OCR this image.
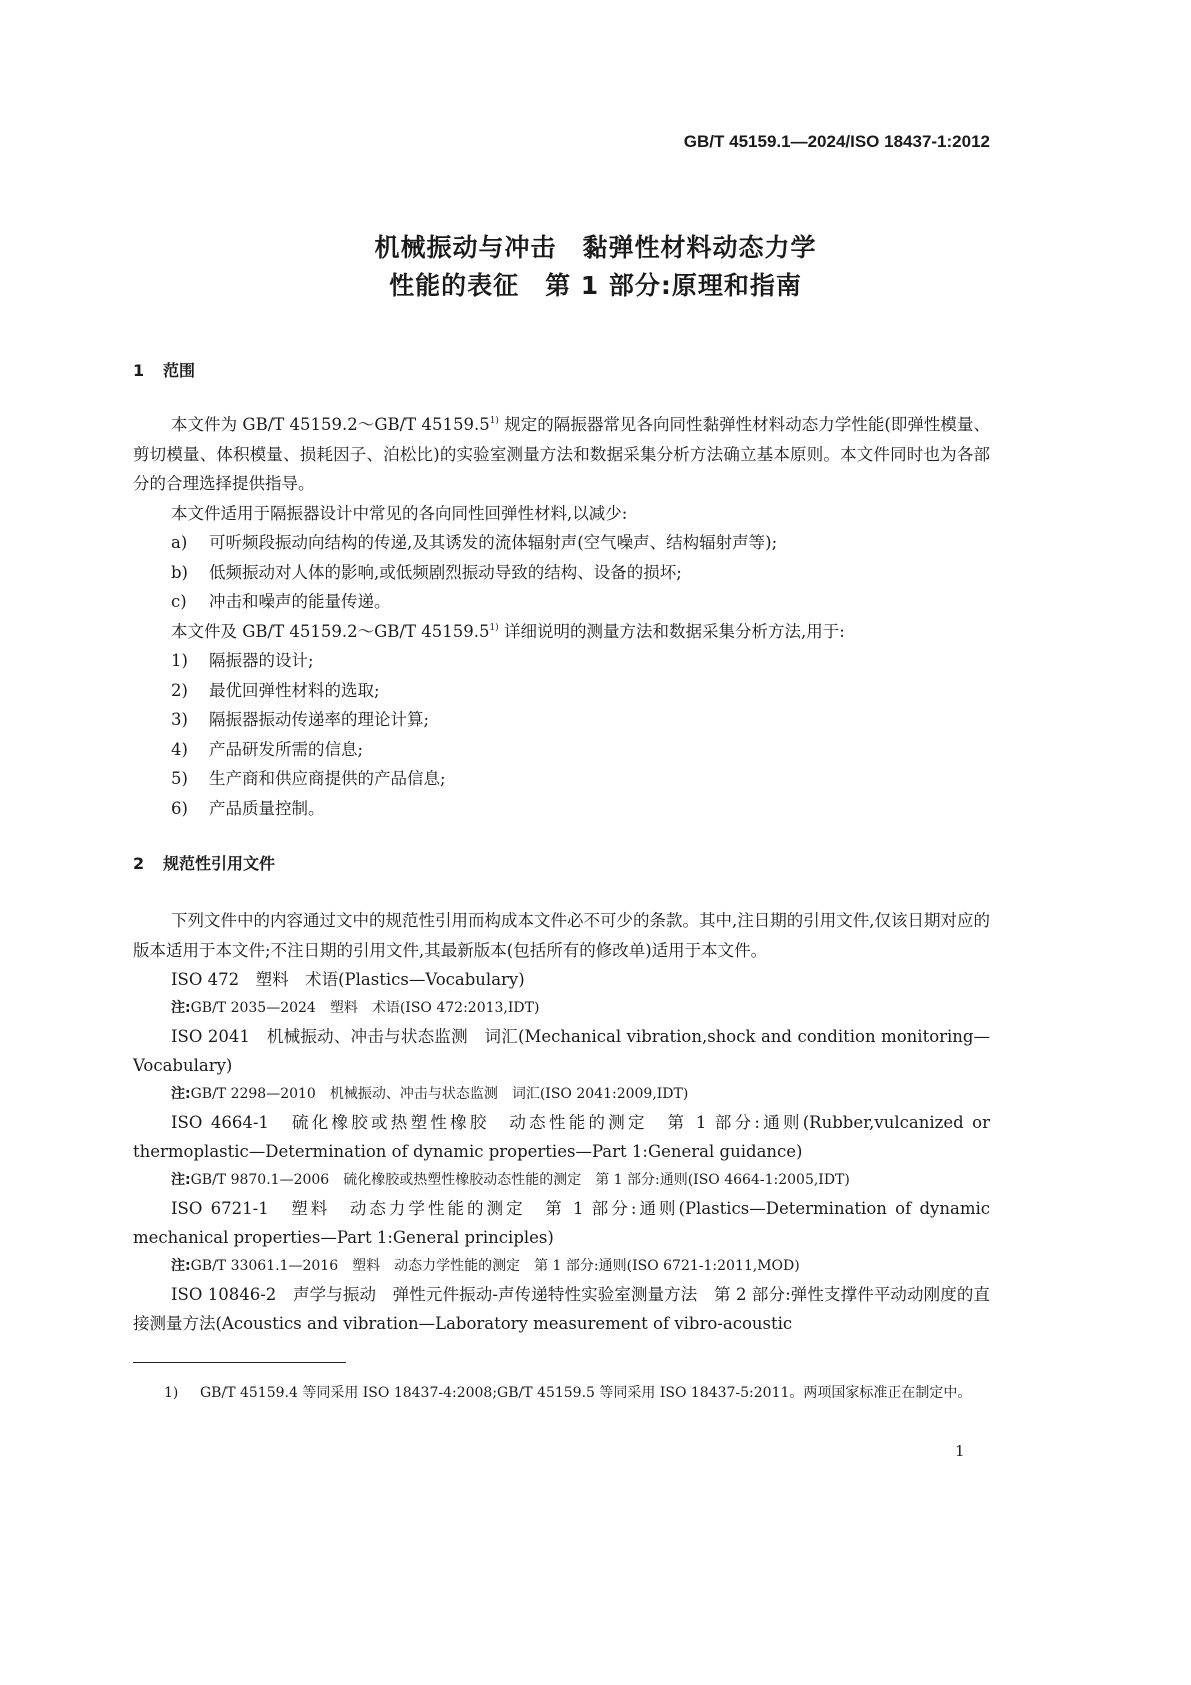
GB/T 45159.1—2024/ISO 18437-1:2012
机械振动与冲击　黏弹性材料动态力学
性能的表征　第 1 部分:原理和指南
1 范围

本文件为 GB/T 45159.2～GB/T 45159.5$^{1)}$ 规定的隔振器常见各向同性黏弹性材料动态力学性能(即弹性模量、剪切模量、体积模量、损耗因子、泊松比)的实验室测量方法和数据采集分析方法确立基本原则。本文件同时也为各部分的合理选择提供指导。

本文件适用于隔振器设计中常见的各向同性回弹性材料,以减少:

a) 可听频段振动向结构的传递,及其诱发的流体辐射声(空气噪声、结构辐射声等);

b) 低频振动对人体的影响,或低频剧烈振动导致的结构、设备的损坏;

c) 冲击和噪声的能量传递。

本文件及 GB/T 45159.2～GB/T 45159.5$^{1)}$ 详细说明的测量方法和数据采集分析方法,用于:

1) 隔振器的设计;

2) 最优回弹性材料的选取;

3) 隔振器振动传递率的理论计算;

4) 产品研发所需的信息;

5) 生产商和供应商提供的产品信息;

6) 产品质量控制。

2 规范性引用文件

下列文件中的内容通过文中的规范性引用而构成本文件必不可少的条款。其中,注日期的引用文件,仅该日期对应的版本适用于本文件;不注日期的引用文件,其最新版本(包括所有的修改单)适用于本文件。

ISO 472　塑料　术语(Plastics—Vocabulary)

注:GB/T 2035—2024　塑料　术语(ISO 472:2013,IDT)

ISO 2041　机械振动、冲击与状态监测　词汇(Mechanical vibration,shock and condition monitoring—Vocabulary)

注:GB/T 2298—2010　机械振动、冲击与状态监测　词汇(ISO 2041:2009,IDT)

ISO 4664-1　硫化橡胶或热塑性橡胶　动态性能的测定　第 1 部分:通则(Rubber,vulcanized or thermoplastic—Determination of dynamic properties—Part 1:General guidance)

注:GB/T 9870.1—2006　硫化橡胶或热塑性橡胶动态性能的测定　第 1 部分:通则(ISO 4664-1:2005,IDT)

ISO 6721-1　塑料　动态力学性能的测定　第 1 部分:通则(Plastics—Determination of dynamic mechanical properties—Part 1:General principles)

注:GB/T 33061.1—2016　塑料　动态力学性能的测定　第 1 部分:通则(ISO 6721-1:2011,MOD)

ISO 10846-2　声学与振动　弹性元件振动-声传递特性实验室测量方法　第 2 部分:弹性支撑件平动动刚度的直接测量方法(Acoustics and vibration—Laboratory measurement of vibro-acoustic

1)	GB/T 45159.4 等同采用 ISO 18437-4:2008;GB/T 45159.5 等同采用 ISO 18437-5:2011。两项国家标准正在制定中。
1
